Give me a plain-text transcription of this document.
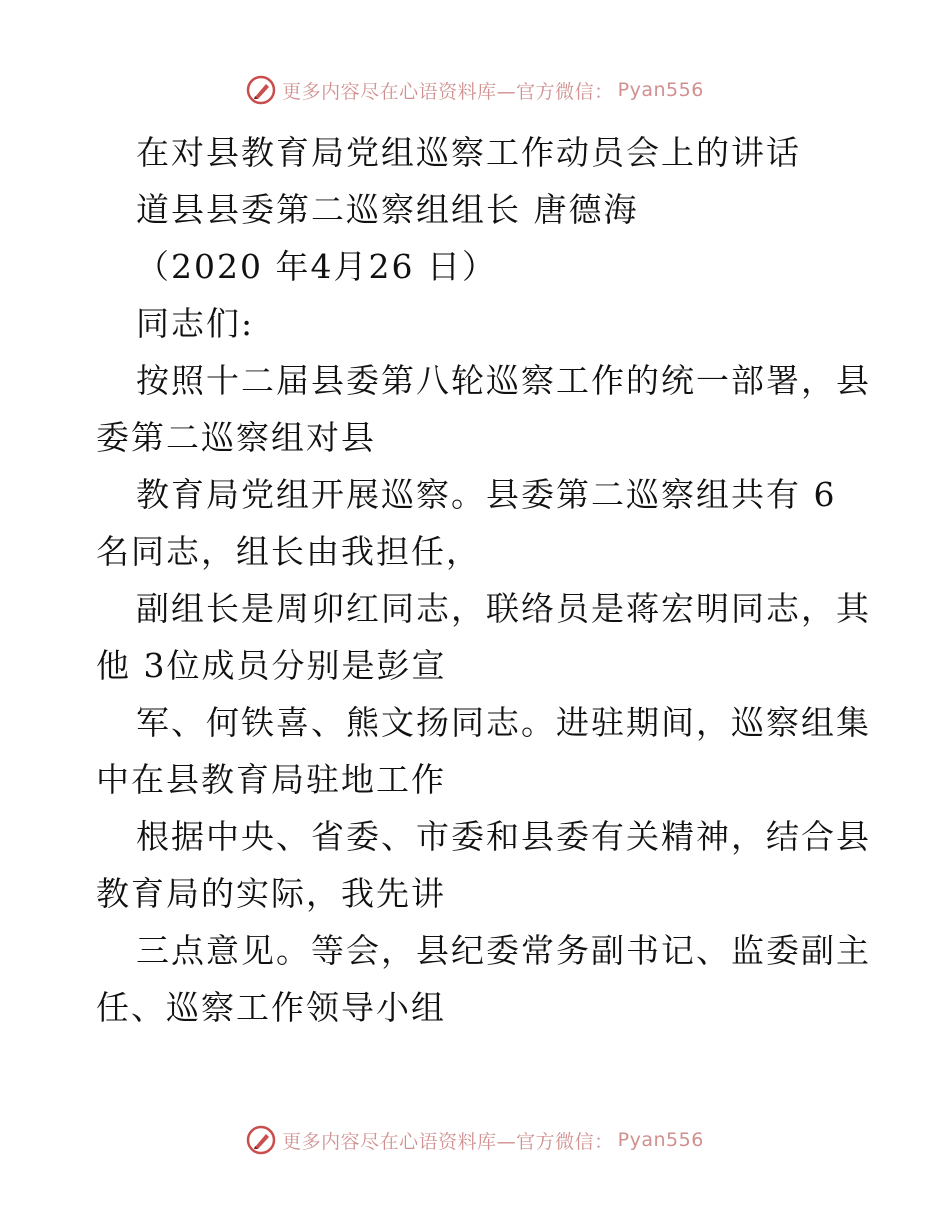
更多内容尽在心语资料库—官方微信： Pyan556
在对县教育局党组巡察工作动员会上的讲话
道县县委第二巡察组组长 唐德海
（2020 年4月26 日）
同志们:
按照十二届县委第八轮巡察工作的统一部署，县
委第二巡察组对县
教育局党组开展巡察。县委第二巡察组共有 6
名同志，组长由我担任，
副组长是周卯红同志，联络员是蒋宏明同志，其
他 3位成员分别是彭宣
军、何铁喜、熊文扬同志。进驻期间，巡察组集
中在县教育局驻地工作
根据中央、省委、市委和县委有关精神，结合县
教育局的实际，我先讲
三点意见。等会，县纪委常务副书记、监委副主
任、巡察工作领导小组
更多内容尽在心语资料库—官方微信： Pyan556
